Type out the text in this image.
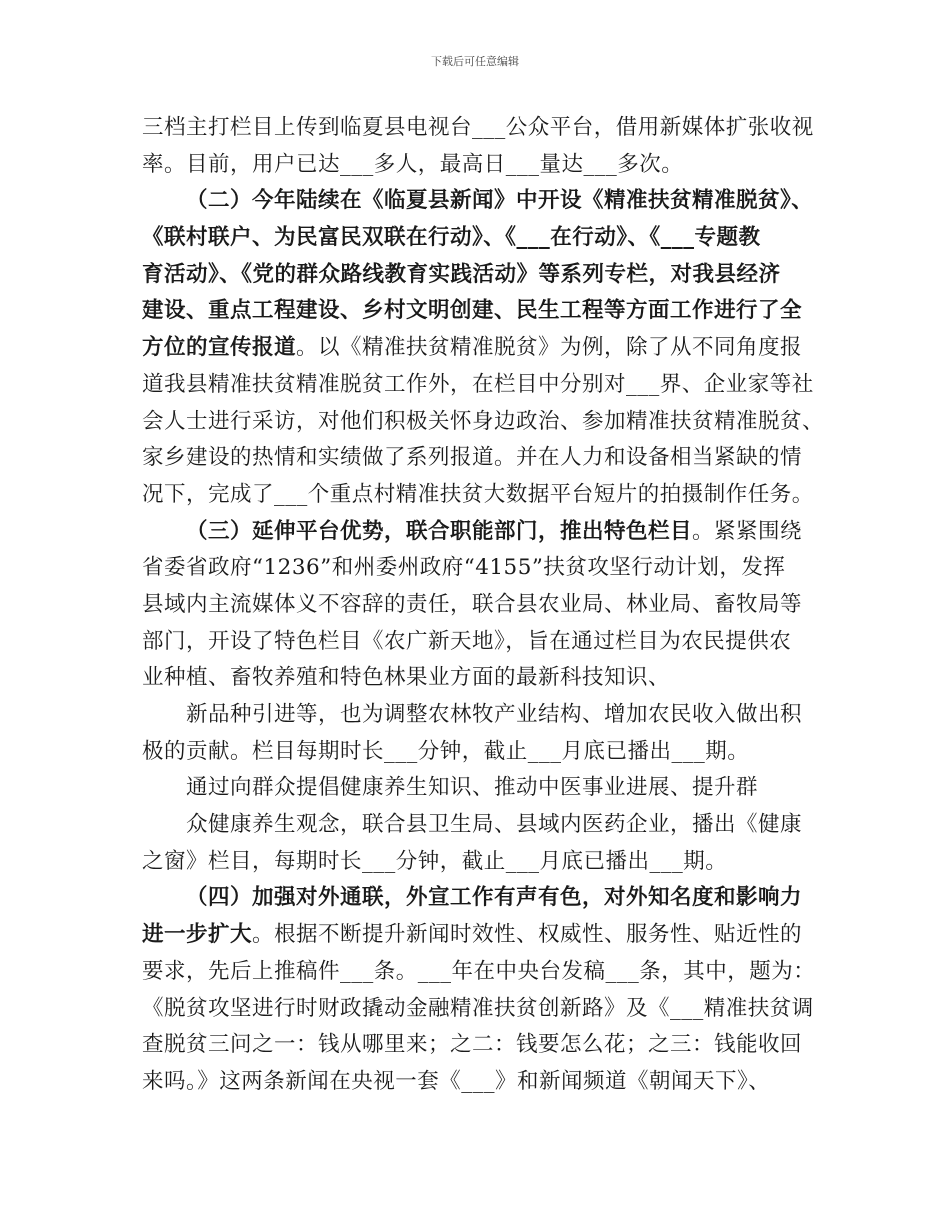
下载后可任意编辑
三档主打栏目上传到临夏县电视台___公众平台，借用新媒体扩张收视
率。目前，用户已达___多人，最高日___量达___多次。
（二）今年陆续在《临夏县新闻》中开设《精准扶贫精准脱贫》、
《联村联户、为民富民双联在行动》、《___在行动》、《___专题教
育活动》、《党的群众路线教育实践活动》等系列专栏，对我县经济
建设、重点工程建设、乡村文明创建、民生工程等方面工作进行了全
方位的宣传报道。以《精准扶贫精准脱贫》为例，除了从不同角度报
道我县精准扶贫精准脱贫工作外，在栏目中分别对___界、企业家等社
会人士进行采访，对他们积极关怀身边政治、参加精准扶贫精准脱贫、
家乡建设的热情和实绩做了系列报道。并在人力和设备相当紧缺的情
况下，完成了___个重点村精准扶贫大数据平台短片的拍摄制作任务。
（三）延伸平台优势，联合职能部门，推出特色栏目。紧紧围绕
省委省政府“1236”和州委州政府“4155”扶贫攻坚行动计划，发挥
县域内主流媒体义不容辞的责任，联合县农业局、林业局、畜牧局等
部门，开设了特色栏目《农广新天地》，旨在通过栏目为农民提供农
业种植、畜牧养殖和特色林果业方面的最新科技知识、
新品种引进等，也为调整农林牧产业结构、增加农民收入做出积
极的贡献。栏目每期时长___分钟，截止___月底已播出___期。
通过向群众提倡健康养生知识、推动中医事业进展、提升群
众健康养生观念，联合县卫生局、县域内医药企业，播出《健康
之窗》栏目，每期时长___分钟，截止___月底已播出___期。
（四）加强对外通联，外宣工作有声有色，对外知名度和影响力
进一步扩大。根据不断提升新闻时效性、权威性、服务性、贴近性的
要求，先后上推稿件___条。___年在中央台发稿___条，其中，题为：
《脱贫攻坚进行时财政撬动金融精准扶贫创新路》及《___精准扶贫调
查脱贫三问之一：钱从哪里来；之二：钱要怎么花；之三：钱能收回
来吗。》这两条新闻在央视一套《___》和新闻频道《朝闻天下》、
